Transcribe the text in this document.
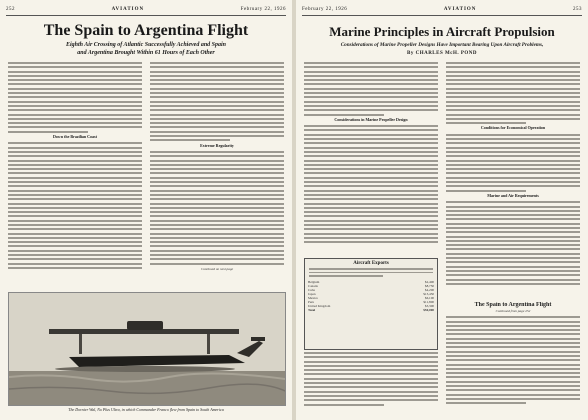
252	AVIATION	February 22, 1926
The Spain to Argentina Flight
Eighth Air Crossing of Atlantic Successfully Achieved and Spain
and Argentina Brought Within 61 Hours of Each Other
Down the Brazilian Coast
Extreme Regularity
Continued on next page
The Dornier Wal, No Plus Ultra, in which Commander Franco flew from Spain to South America
February 22, 1926	AVIATION	253
Marine Principles in Aircraft Propulsion
Considerations of Marine Propeller Designs Have Important Bearing Upon Aircraft Problems,
By CHARLES McH. POND
Considerations in Marine Propeller Design
Conditions for Economical Operation
Marine and Air Requirements
Aircraft Exports
Belgium	$2,400
Canada	$8,750
Cuba	$4,200
Japan	$13,450
Mexico	$6,100
Peru	$11,800
United Kingdom	$3,300
Total	$50,000
The Spain to Argentina Flight
Continued from page 252
